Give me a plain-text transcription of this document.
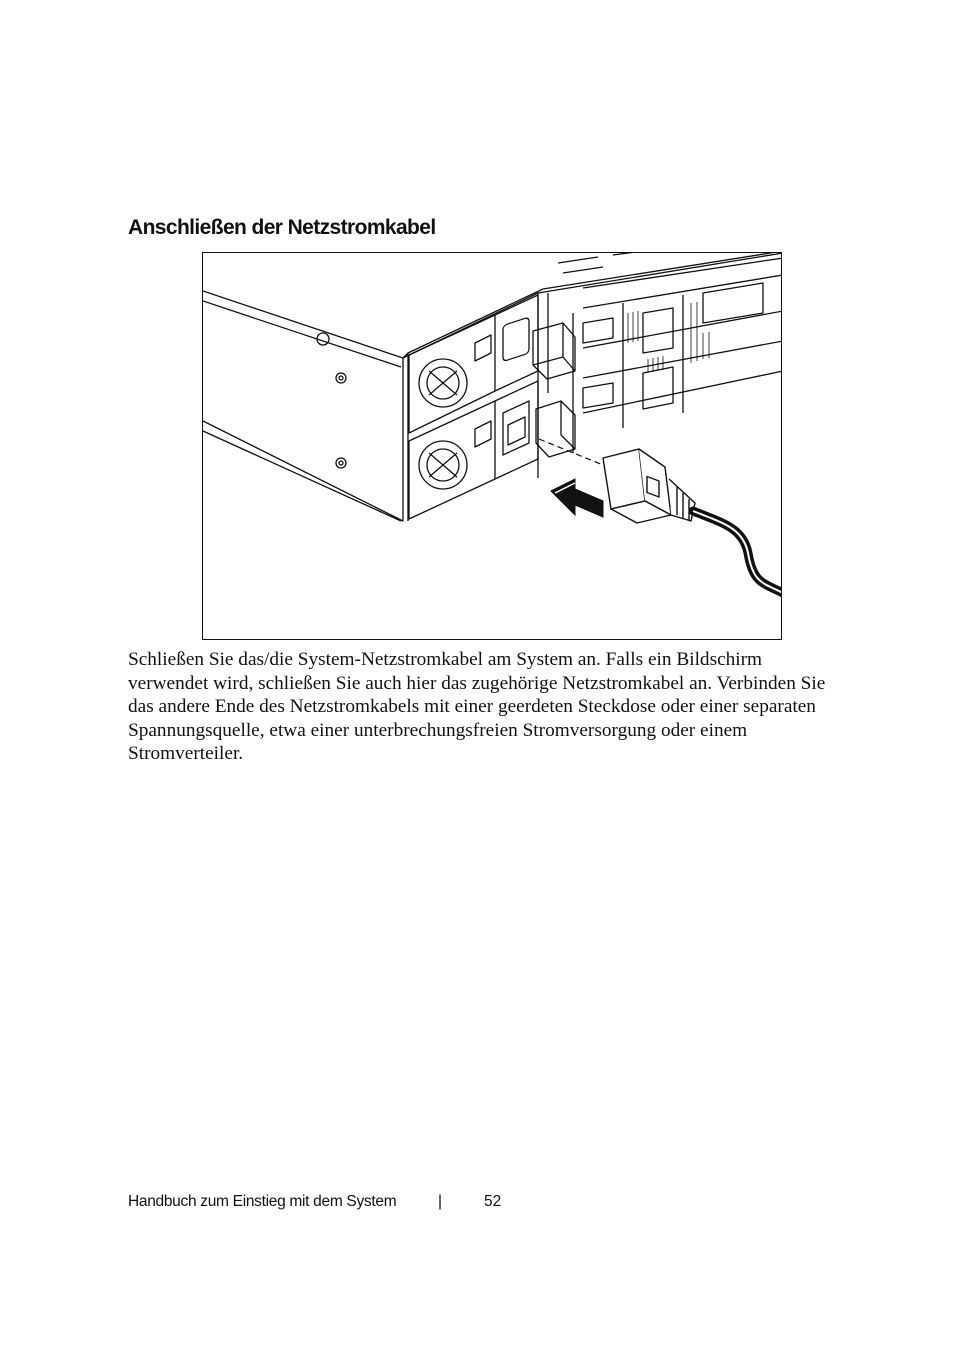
Anschließen der Netzstromkabel

Schließen Sie das/die System-Netzstromkabel am System an. Falls ein Bildschirm verwendet wird, schließen Sie auch hier das zugehörige Netzstromkabel an. Verbinden Sie das andere Ende des Netzstromkabels mit einer geerdeten Steckdose oder einer separaten Spannungsquelle, etwa einer unterbrechungsfreien Stromversorgung oder einem Stromverteiler.

Handbuch zum Einstieg mit dem System	|	52
